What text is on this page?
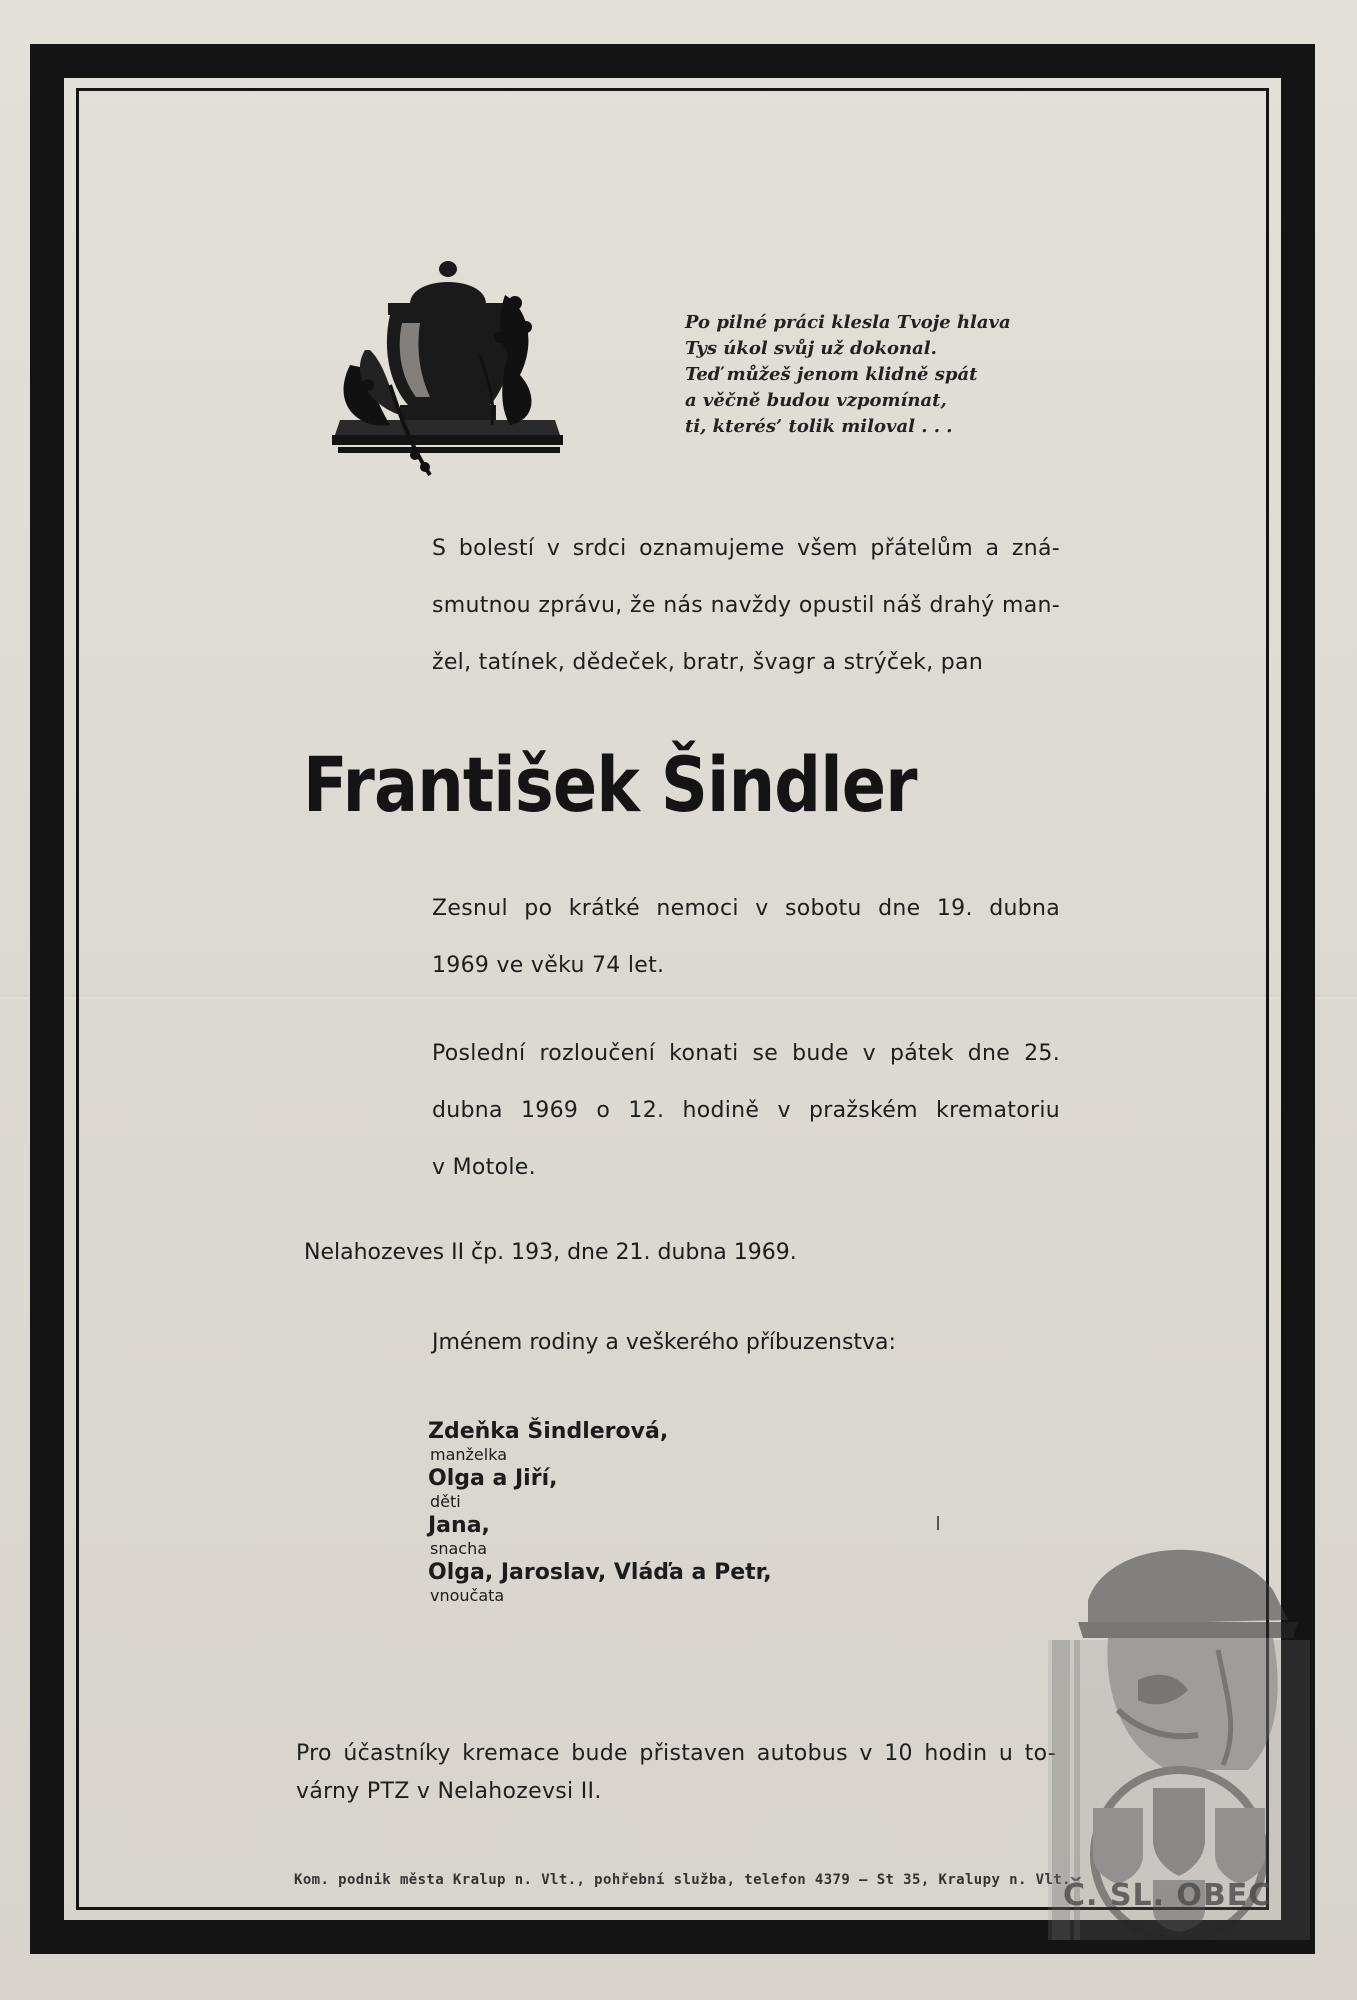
Po pilné práci klesla Tvoje hlava
Tys úkol svůj už dokonal.
Teď můžeš jenom klidně spát
a věčně budou vzpomínat,
ti, kterés’ tolik miloval . . .
S bolestí v srdci oznamujeme všem přátelům a zná-
smutnou zprávu, že nás navždy opustil náš drahý man-
žel, tatínek, dědeček, bratr, švagr a strýček, pan
František Šindler
Zesnul po krátké nemoci v sobotu dne 19. dubna
1969 ve věku 74 let.
Poslední rozloučení konati se bude v pátek dne 25.
dubna 1969 o 12. hodině v pražském krematoriu
v Motole.
Nelahozeves II čp. 193, dne 21. dubna 1969.
Jménem rodiny a veškerého příbuzenstva:
Zdeňka Šindlerová,
manželka
Olga a Jiří,
děti
Jana,
snacha
Olga, Jaroslav, Vláďa a Petr,
vnoučata
Pro účastníky kremace bude přistaven autobus v 10 hodin u to-
várny PTZ v Nelahozevsi II.
Kom. podnik města Kralup n. Vlt., pohřební služba, telefon 4379 — St 35, Kralupy n. Vlt.
Č. SL. OBEC
